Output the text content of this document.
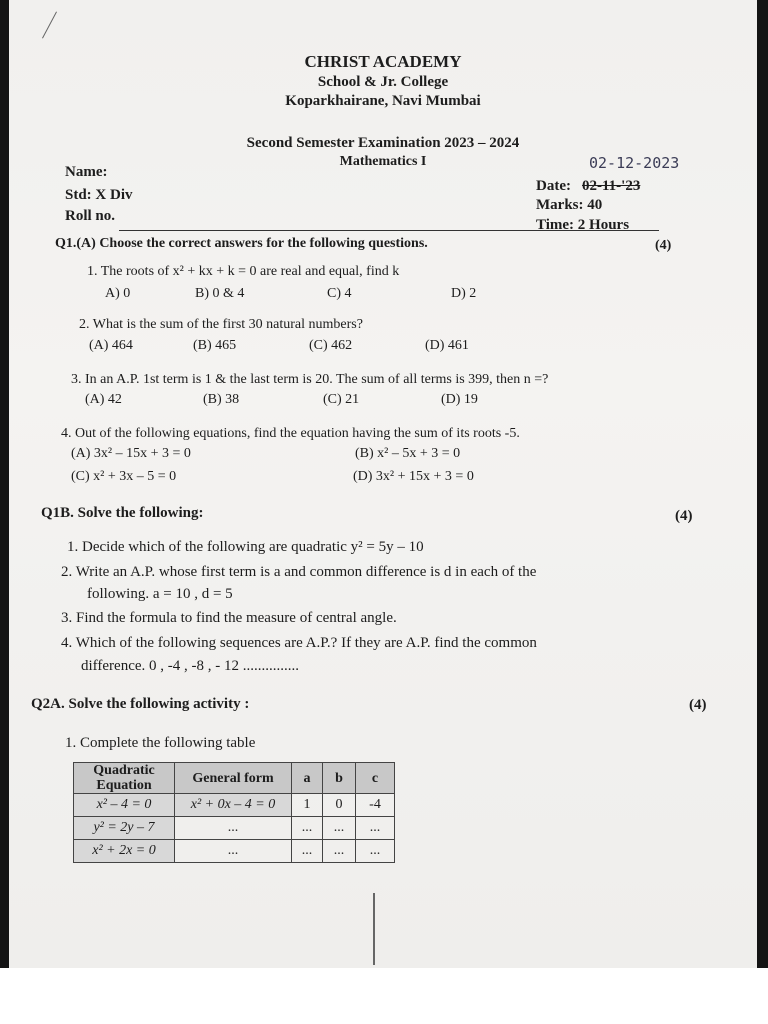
CHRIST ACADEMY
School & Jr. College
Koparkhairane, Navi Mumbai
Second Semester Examination 2023 – 2024
Mathematics I
Name:
Std: X Div
Roll no.
02-12-2023
Date: 02-11-'23
Marks: 40
Time: 2 Hours
Q1.(A) Choose the correct answers for the following questions.	(4)
1. The roots of x² + kx + k = 0 are real and equal, find k
A) 0	B) 0 & 4	C) 4	D) 2
2. What is the sum of the first 30 natural numbers?
(A) 464	(B) 465	(C) 462	(D) 461
3. In an A.P. 1st term is 1 & the last term is 20. The sum of all terms is 399, then n =?
(A) 42	(B) 38	(C) 21	(D) 19
4. Out of the following equations, find the equation having the sum of its roots -5.
(A) 3x² – 15x + 3 = 0	(B) x² – 5x + 3 = 0
(C) x² + 3x – 5 = 0	(D) 3x² + 15x + 3 = 0
Q1B. Solve the following:	(4)
1. Decide which of the following are quadratic y² = 5y – 10
2. Write an A.P. whose first term is a and common difference is d in each of the
following. a = 10 , d = 5
3. Find the formula to find the measure of central angle.
4. Which of the following sequences are A.P.? If they are A.P. find the common
difference. 0 , -4 , -8 , - 12 ...............
Q2A. Solve the following activity :	(4)
1. Complete the following table
Quadratic Equation	General form	a	b	c
x² – 4 = 0	x² + 0x – 4 = 0	1	0	-4
y² = 2y – 7	...	...	...	...
x² + 2x = 0	...	...	...	...
